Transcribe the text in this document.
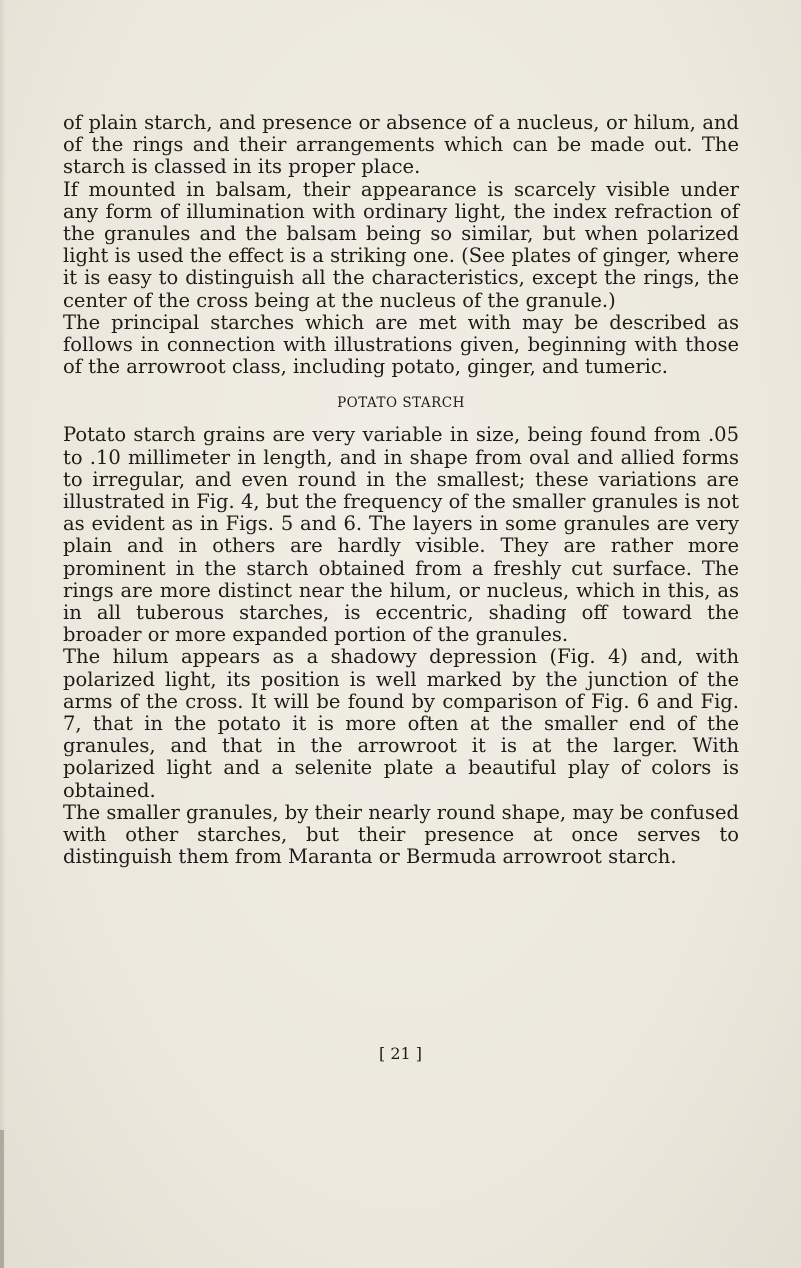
of plain starch, and presence or absence of a nucleus, or hilum, and of the rings and their arrangements which can be made out. The starch is classed in its proper place.

If mounted in balsam, their appearance is scarcely visible under any form of illumination with ordinary light, the index refraction of the granules and the balsam being so similar, but when polarized light is used the effect is a striking one. (See plates of ginger, where it is easy to distinguish all the characteristics, except the rings, the center of the cross being at the nucleus of the granule.)

The principal starches which are met with may be described as follows in connection with illustrations given, beginning with those of the arrowroot class, including potato, ginger, and tumeric.

POTATO STARCH

Potato starch grains are very variable in size, being found from .05 to .10 millimeter in length, and in shape from oval and allied forms to irregular, and even round in the smallest; these variations are illustrated in Fig. 4, but the frequency of the smaller granules is not as evident as in Figs. 5 and 6. The layers in some granules are very plain and in others are hardly visible. They are rather more prominent in the starch obtained from a freshly cut surface. The rings are more distinct near the hilum, or nucleus, which in this, as in all tuberous starches, is eccentric, shading off toward the broader or more expanded portion of the granules.

The hilum appears as a shadowy depression (Fig. 4) and, with polarized light, its position is well marked by the junction of the arms of the cross. It will be found by comparison of Fig. 6 and Fig. 7, that in the potato it is more often at the smaller end of the granules, and that in the arrowroot it is at the larger. With polarized light and a selenite plate a beautiful play of colors is obtained.

The smaller granules, by their nearly round shape, may be confused with other starches, but their presence at once serves to distinguish them from Maranta or Bermuda arrowroot starch.

[ 21 ]
